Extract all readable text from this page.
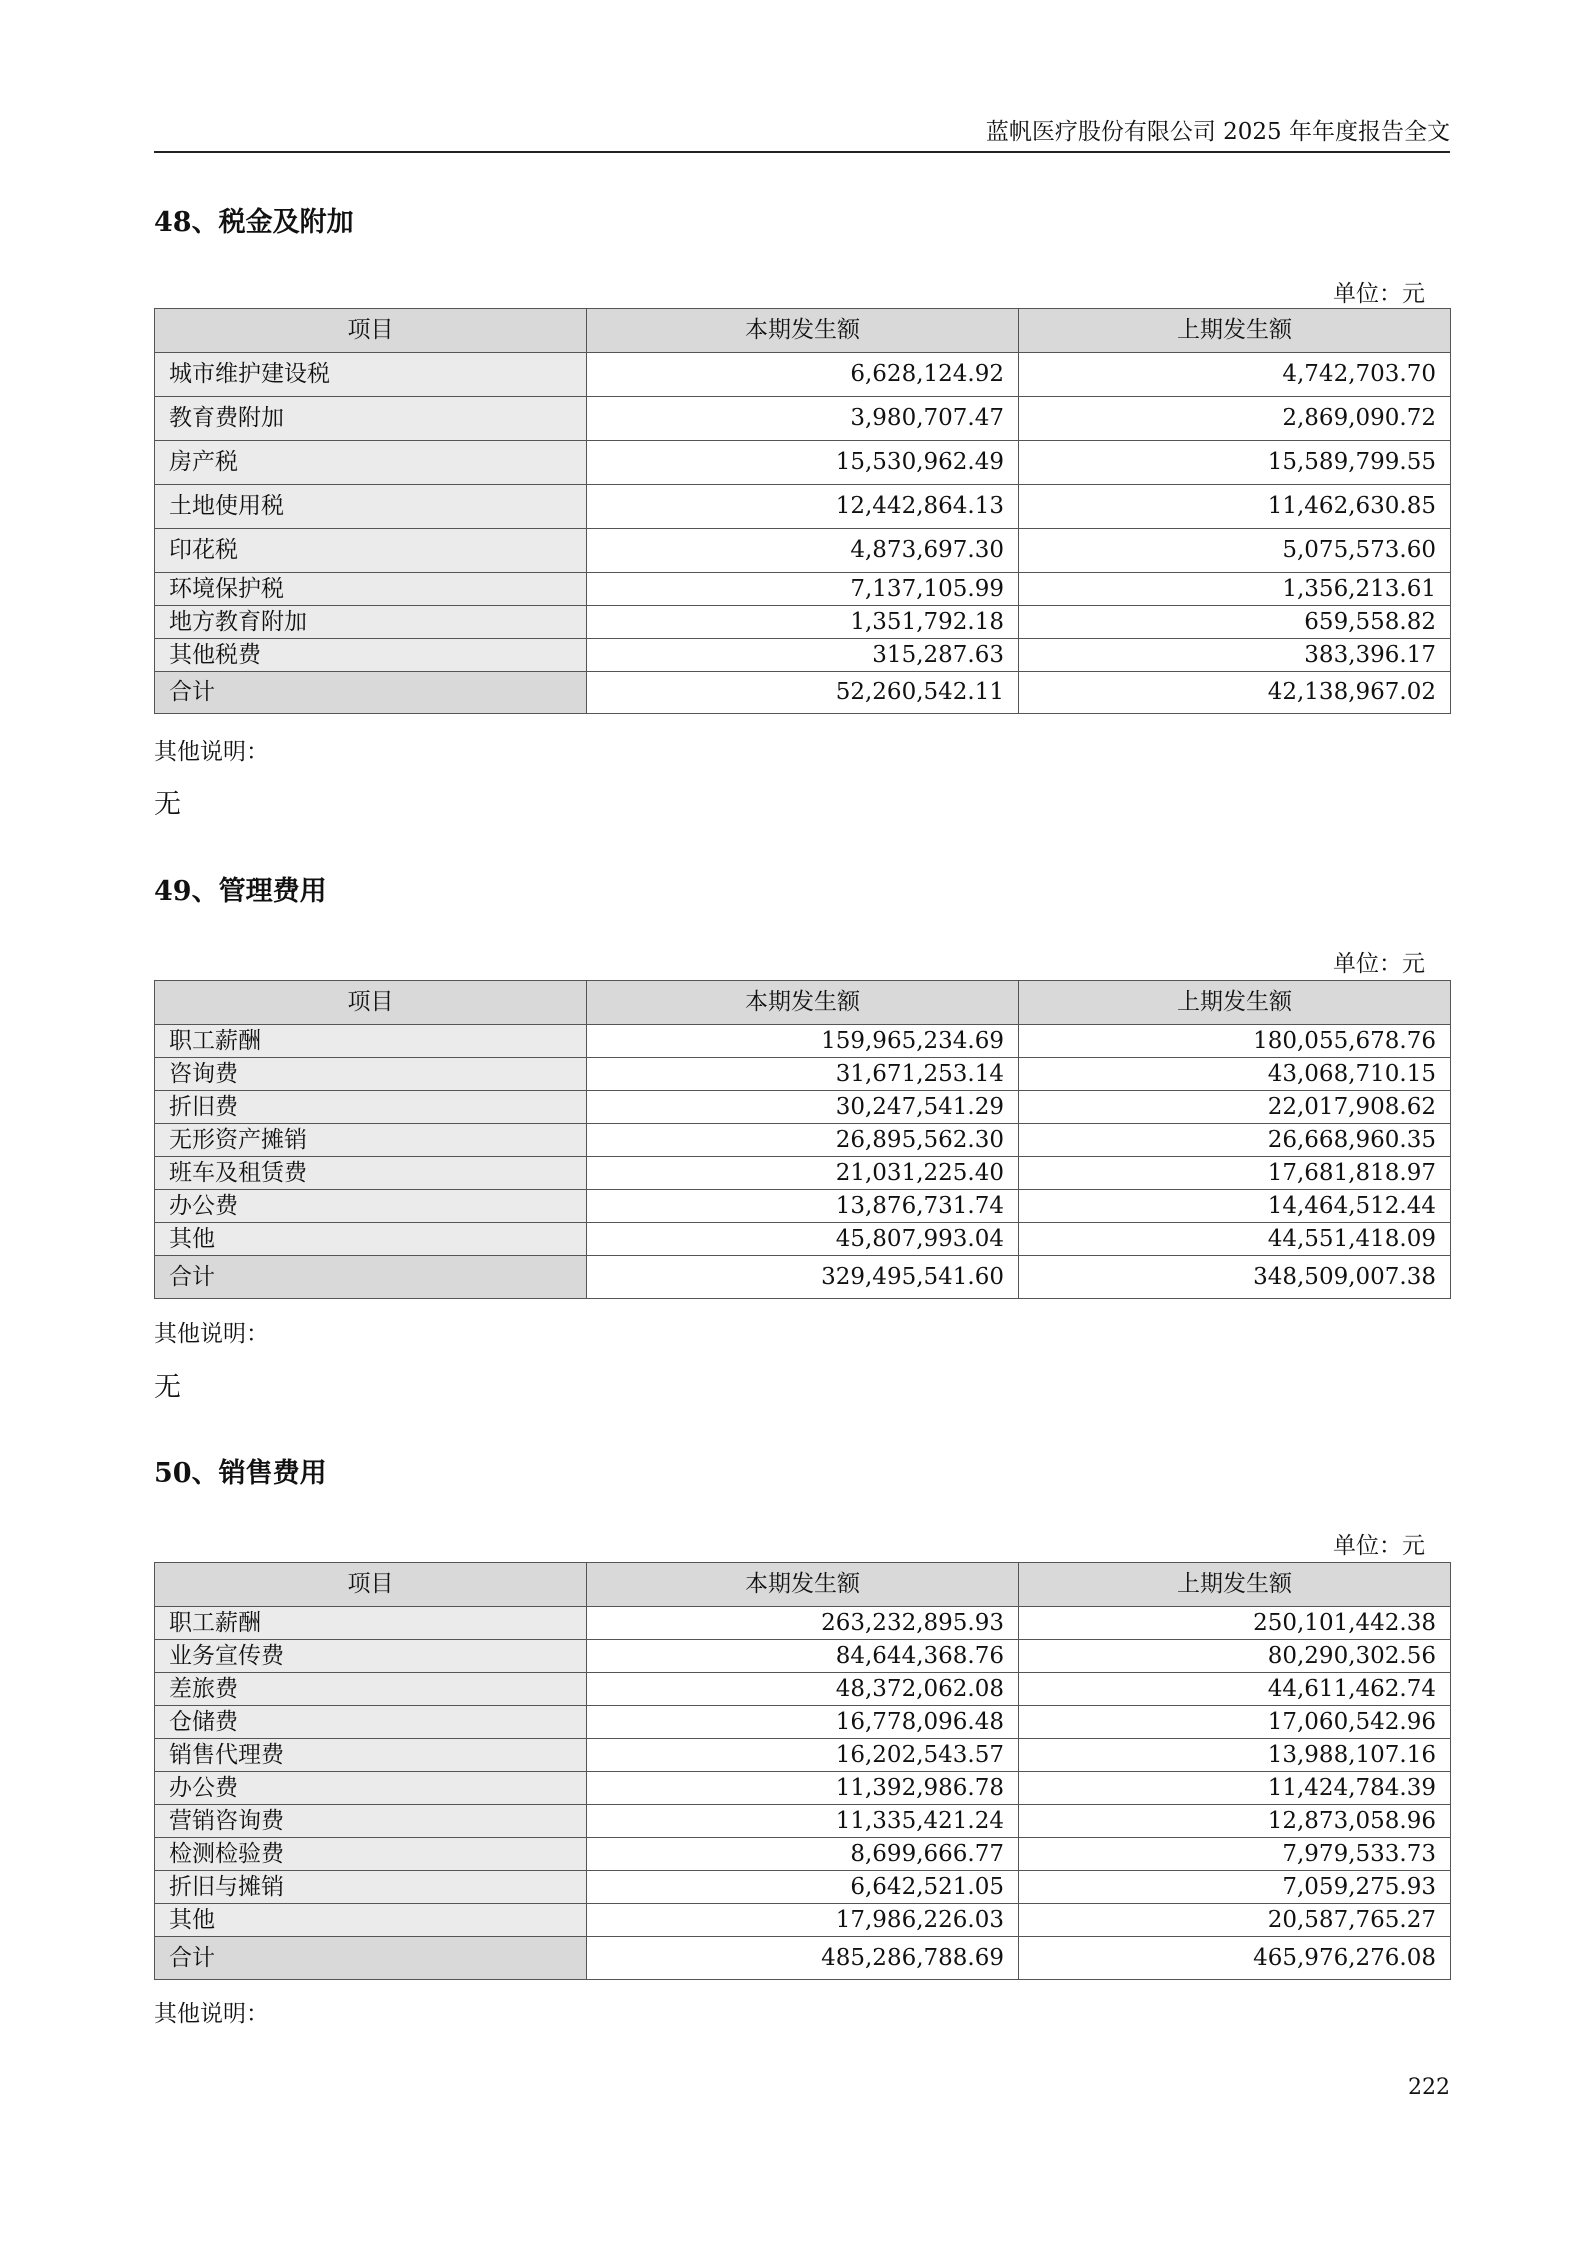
蓝帆医疗股份有限公司 2025 年年度报告全文
48、税金及附加
单位：元
项目	本期发生额	上期发生额
城市维护建设税	6,628,124.92	4,742,703.70
教育费附加	3,980,707.47	2,869,090.72
房产税	15,530,962.49	15,589,799.55
土地使用税	12,442,864.13	11,462,630.85
印花税	4,873,697.30	5,075,573.60
环境保护税	7,137,105.99	1,356,213.61
地方教育附加	1,351,792.18	659,558.82
其他税费	315,287.63	383,396.17
合计	52,260,542.11	42,138,967.02
其他说明：
无
49、管理费用
单位：元
项目	本期发生额	上期发生额
职工薪酬	159,965,234.69	180,055,678.76
咨询费	31,671,253.14	43,068,710.15
折旧费	30,247,541.29	22,017,908.62
无形资产摊销	26,895,562.30	26,668,960.35
班车及租赁费	21,031,225.40	17,681,818.97
办公费	13,876,731.74	14,464,512.44
其他	45,807,993.04	44,551,418.09
合计	329,495,541.60	348,509,007.38
其他说明：
无
50、销售费用
单位：元
项目	本期发生额	上期发生额
职工薪酬	263,232,895.93	250,101,442.38
业务宣传费	84,644,368.76	80,290,302.56
差旅费	48,372,062.08	44,611,462.74
仓储费	16,778,096.48	17,060,542.96
销售代理费	16,202,543.57	13,988,107.16
办公费	11,392,986.78	11,424,784.39
营销咨询费	11,335,421.24	12,873,058.96
检测检验费	8,699,666.77	7,979,533.73
折旧与摊销	6,642,521.05	7,059,275.93
其他	17,986,226.03	20,587,765.27
合计	485,286,788.69	465,976,276.08
其他说明：
222
